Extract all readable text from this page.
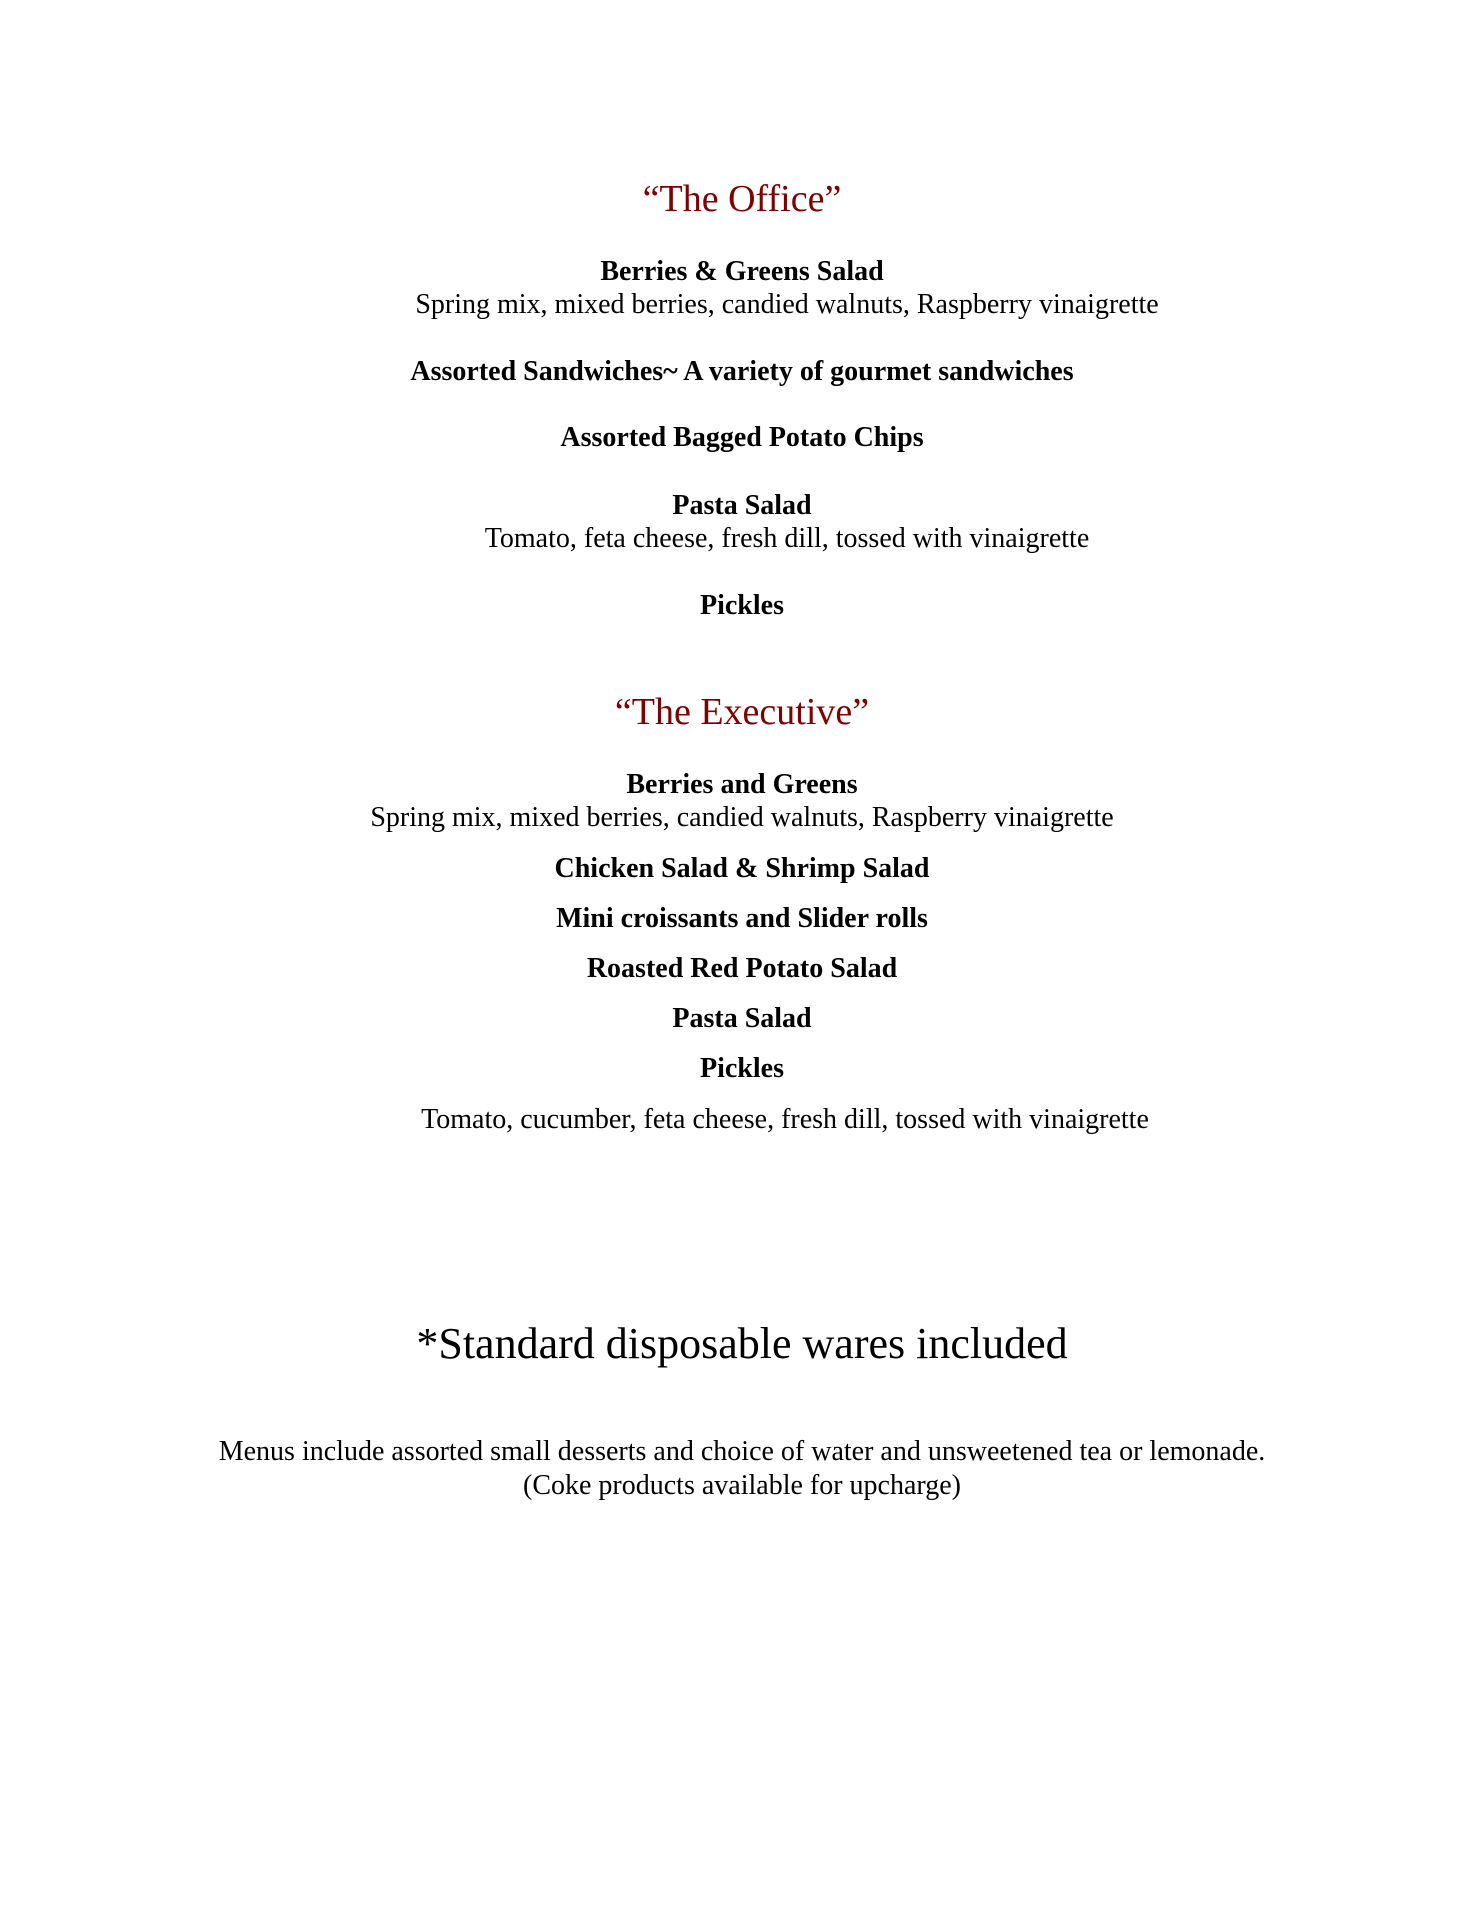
“The Office”
Berries & Greens Salad
Spring mix, mixed berries, candied walnuts, Raspberry vinaigrette
Assorted Sandwiches~ A variety of gourmet sandwiches
Assorted Bagged Potato Chips
Pasta Salad
Tomato, feta cheese, fresh dill, tossed with vinaigrette
Pickles
“The Executive”
Berries and Greens
Spring mix, mixed berries, candied walnuts, Raspberry vinaigrette
Chicken Salad & Shrimp Salad
Mini croissants and Slider rolls
Roasted Red Potato Salad
Pasta Salad
Pickles
Tomato, cucumber, feta cheese, fresh dill, tossed with vinaigrette
*Standard disposable wares included
Menus include assorted small desserts and choice of water and unsweetened tea or lemonade.
(Coke products available for upcharge)
